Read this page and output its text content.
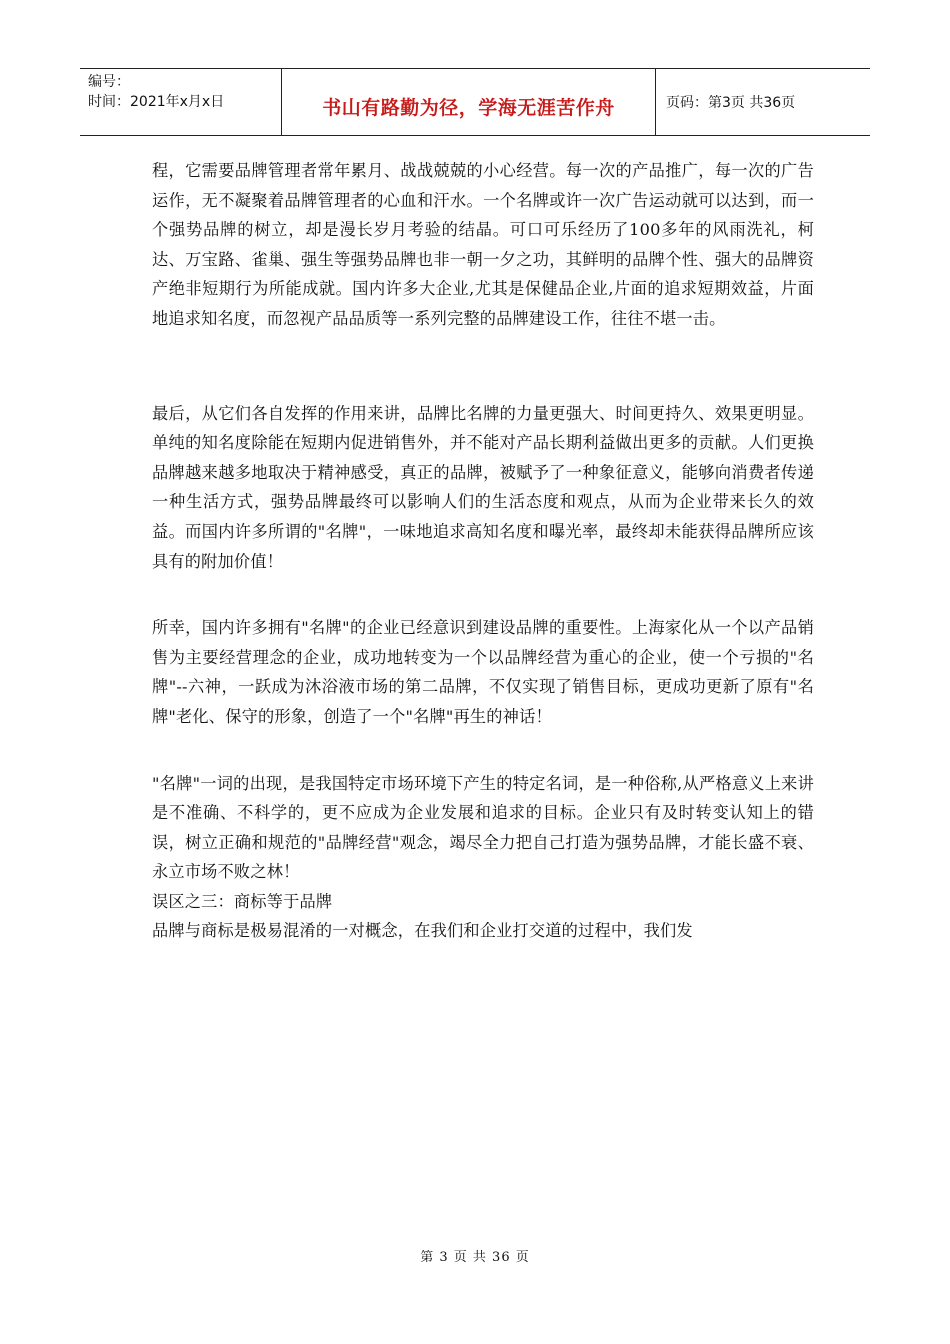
编号：
时间：2021年x月x日	书山有路勤为径，学海无涯苦作舟	页码：第3页 共36页

程，它需要品牌管理者常年累月、战战兢兢的小心经营。每一次的产品推广，每一次的广告运作，无不凝聚着品牌管理者的心血和汗水。一个名牌或许一次广告运动就可以达到，而一个强势品牌的树立，却是漫长岁月考验的结晶。可口可乐经历了100多年的风雨洗礼，柯达、万宝路、雀巢、强生等强势品牌也非一朝一夕之功，其鲜明的品牌个性、强大的品牌资产绝非短期行为所能成就。国内许多大企业,尤其是保健品企业,片面的追求短期效益，片面地追求知名度，而忽视产品品质等一系列完整的品牌建设工作，往往不堪一击。

最后，从它们各自发挥的作用来讲，品牌比名牌的力量更强大、时间更持久、效果更明显。单纯的知名度除能在短期内促进销售外，并不能对产品长期利益做出更多的贡献。人们更换品牌越来越多地取决于精神感受，真正的品牌，被赋予了一种象征意义，能够向消费者传递一种生活方式，强势品牌最终可以影响人们的生活态度和观点，从而为企业带来长久的效益。而国内许多所谓的"名牌"，一味地追求高知名度和曝光率，最终却未能获得品牌所应该具有的附加价值！

所幸，国内许多拥有"名牌"的企业已经意识到建设品牌的重要性。上海家化从一个以产品销售为主要经营理念的企业，成功地转变为一个以品牌经营为重心的企业，使一个亏损的"名牌"--六神，一跃成为沐浴液市场的第二品牌，不仅实现了销售目标，更成功更新了原有"名牌"老化、保守的形象，创造了一个"名牌"再生的神话！

"名牌"一词的出现，是我国特定市场环境下产生的特定名词，是一种俗称,从严格意义上来讲是不准确、不科学的，更不应成为企业发展和追求的目标。企业只有及时转变认知上的错误，树立正确和规范的"品牌经营"观念，竭尽全力把自己打造为强势品牌，才能长盛不衰、永立市场不败之林！

误区之三：商标等于品牌

品牌与商标是极易混淆的一对概念，在我们和企业打交道的过程中，我们发

第 3 页 共 36 页
